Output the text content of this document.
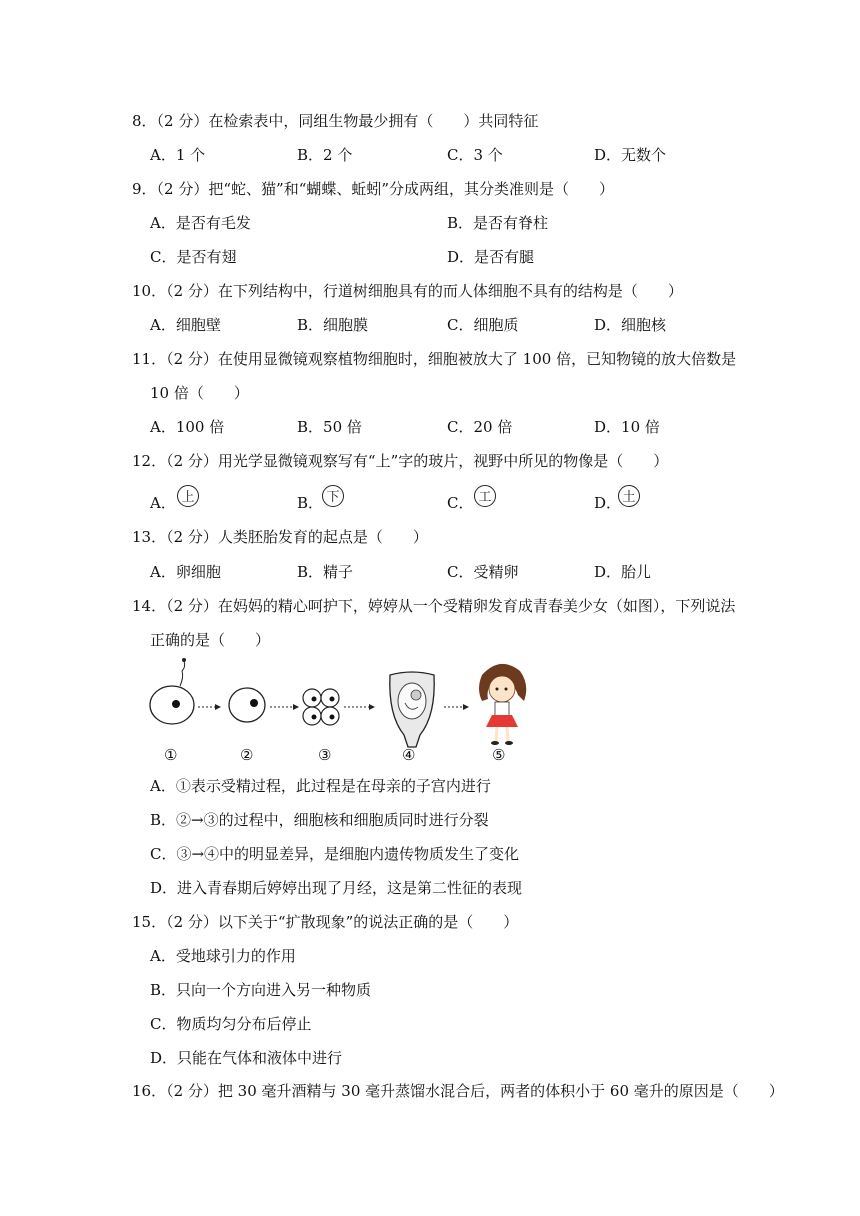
8．（2 分）在检索表中，同组生物最少拥有（　　）共同特征
A．1 个	B．2 个	C．3 个	D．无数个
9．（2 分）把“蛇、猫”和“蝴蝶、蚯蚓”分成两组，其分类准则是（　　）
A．是否有毛发	B．是否有脊柱
C．是否有翅	D．是否有腿
10．（2 分）在下列结构中，行道树细胞具有的而人体细胞不具有的结构是（　　）
A．细胞壁	B．细胞膜	C．细胞质	D．细胞核
11．（2 分）在使用显微镜观察植物细胞时，细胞被放大了 100 倍，已知物镜的放大倍数是
10 倍（　　）
A．100 倍	B．50 倍	C．20 倍	D．10 倍
12．（2 分）用光学显微镜观察写有“上”字的玻片，视野中所见的物像是（　　）
A． 上	B． 下	C． 工	D． 土
13．（2 分）人类胚胎发育的起点是（　　）
A．卵细胞	B．精子	C．受精卵	D．胎儿
14．（2 分）在妈妈的精心呵护下，婷婷从一个受精卵发育成青春美少女（如图），下列说法
正确的是（　　）
①	②	③	④	⑤
A．①表示受精过程，此过程是在母亲的子宫内进行
B．②→③的过程中，细胞核和细胞质同时进行分裂
C．③→④中的明显差异，是细胞内遗传物质发生了变化
D．进入青春期后婷婷出现了月经，这是第二性征的表现
15．（2 分）以下关于“扩散现象”的说法正确的是（　　）
A．受地球引力的作用
B．只向一个方向进入另一种物质
C．物质均匀分布后停止
D．只能在气体和液体中进行
16．（2 分）把 30 毫升酒精与 30 毫升蒸馏水混合后，两者的体积小于 60 毫升的原因是（　　）
